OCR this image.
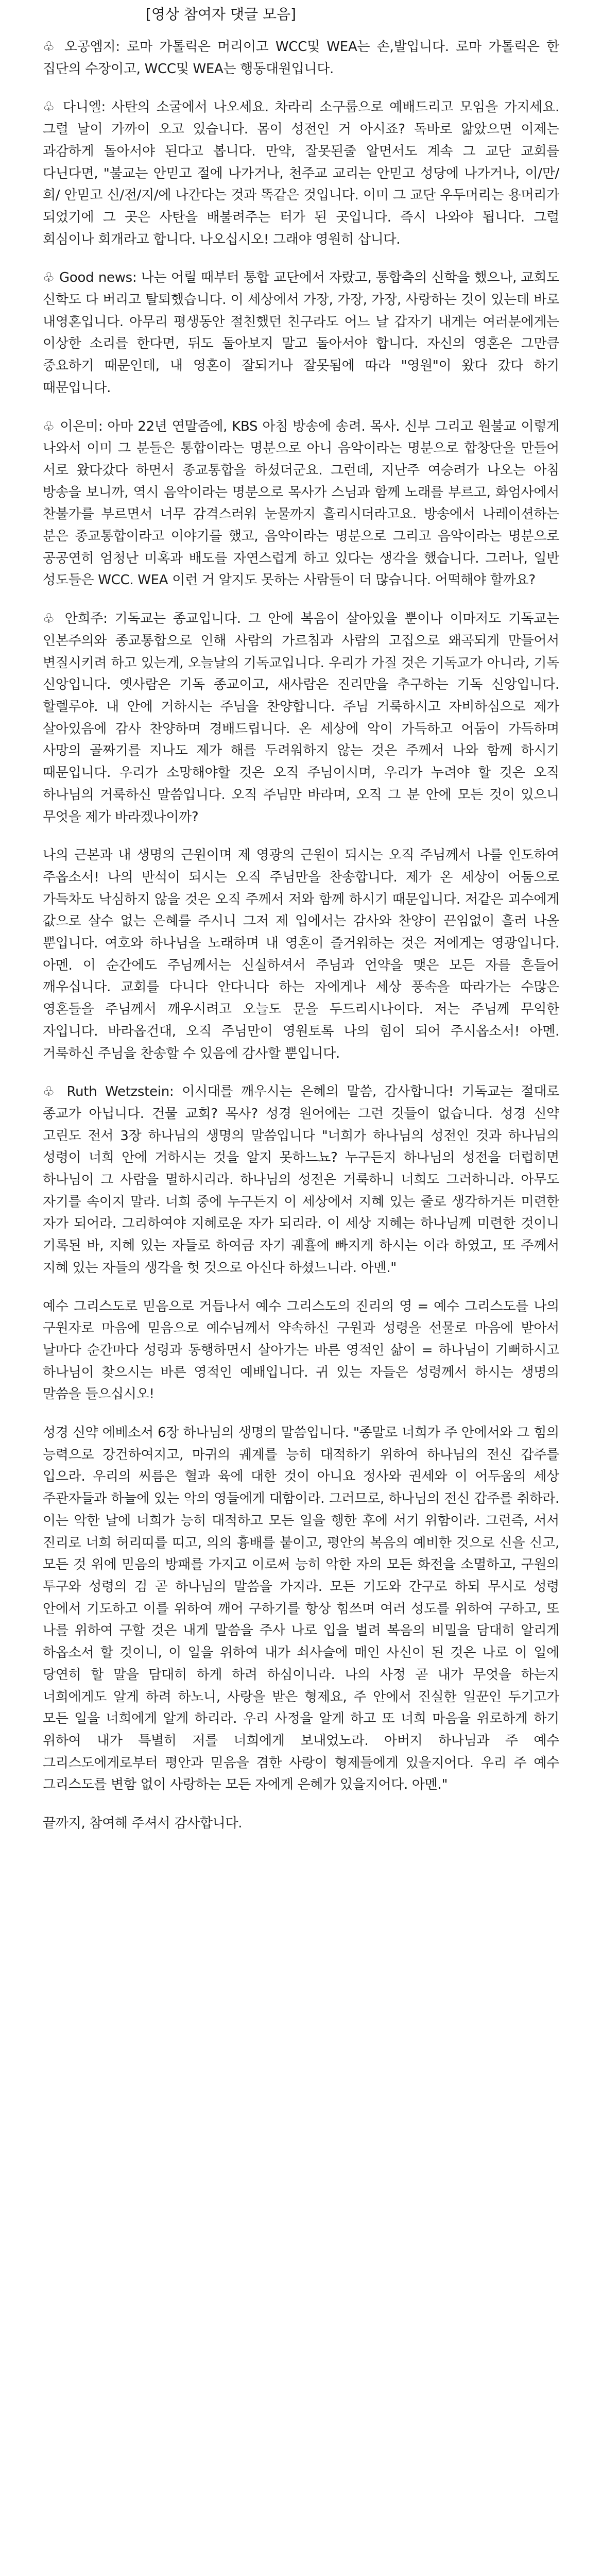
[영상 참여자 댓글 모음]

♧ 오공엠지: 로마 가톨릭은 머리이고 WCC및 WEA는 손,발입니다. 로마 가톨릭은 한 집단의 수장이고, WCC및 WEA는 행동대원입니다.

♧ 다니엘: 사탄의 소굴에서 나오세요. 차라리 소구룹으로 예배드리고 모임을 가지세요. 그럴 날이 가까이 오고 있습니다. 몸이 성전인 거 아시죠? 독바로 앎았으면 이제는 과감하게 돌아서야 된다고 봅니다. 만약, 잘못된줄 알면서도 계속 그 교단 교회를 다닌다면, "불교는 안믿고 절에 나가거나, 천주교 교리는 안믿고 성당에 나가거나, 이/만/희/ 안믿고 신/전/지/에 나간다는 것과 똑같은 것입니다. 이미 그 교단 우두머리는 용머리가 되었기에 그 곳은 사탄을 배불려주는 터가 된 곳입니다. 즉시 나와야 됩니다. 그럴 회심이나 회개라고 합니다. 나오십시오! 그래야 영원히 삽니다.

♧ Good news: 나는 어릴 때부터 통합 교단에서 자랐고, 통합측의 신학을 했으나, 교회도 신학도 다 버리고 탈퇴했습니다. 이 세상에서 가장, 가장, 가장, 사랑하는 것이 있는데 바로 내영혼입니다. 아무리 평생동안 절친했던 친구라도 어느 날 갑자기 내게는 여러분에게는 이상한 소리를 한다면, 뒤도 돌아보지 말고 돌아서야 합니다. 자신의 영혼은 그만큼 중요하기 때문인데, 내 영혼이 잘되거나 잘못됨에 따라 "영원"이 왔다 갔다 하기 때문입니다.

♧ 이은미: 아마 22년 연말즘에, KBS 아침 방송에 송려. 목사. 신부 그리고 원불교 이렇게 나와서 이미 그 분들은 통합이라는 명분으로 아니 음악이라는 명분으로 합창단을 만들어 서로 왔다갔다 하면서 종교통합을 하셨더군요. 그런데, 지난주 여승려가 나오는 아침 방송을 보니까, 역시 음악이라는 명분으로 목사가 스님과 함께 노래를 부르고, 화엄사에서 찬불가를 부르면서 너무 감격스러워 눈물까지 흘리시더라고요. 방송에서 나레이션하는 분은 종교통합이라고 이야기를 했고, 음악이라는 명분으로 그리고 음악이라는 명분으로 공공연히 엄청난 미혹과 배도를 자연스럽게 하고 있다는 생각을 했습니다. 그러나, 일반 성도들은 WCC. WEA 이런 거 알지도 못하는 사람들이 더 많습니다. 어떡해야 할까요?

♧ 안희주: 기독교는 종교입니다. 그 안에 복음이 살아있을 뿐이나 이마저도 기독교는 인본주의와 종교통합으로 인해 사람의 가르침과 사람의 고집으로 왜곡되게 만들어서 변질시키려 하고 있는게, 오늘날의 기독교입니다. 우리가 가질 것은 기독교가 아니라, 기독 신앙입니다. 옛사람은 기독 종교이고, 새사람은 진리만을 추구하는 기독 신앙입니다. 할렐루야. 내 안에 거하시는 주님을 찬양합니다. 주님 거룩하시고 자비하심으로 제가 살아있음에 감사 찬양하며 경배드립니다. 온 세상에 악이 가득하고 어둠이 가득하며 사망의 골짜기를 지나도 제가 해를 두려워하지 않는 것은 주께서 나와 함께 하시기 때문입니다. 우리가 소망해야할 것은 오직 주님이시며, 우리가 누려야 할 것은 오직 하나님의 거룩하신 말씀입니다. 오직 주님만 바라며, 오직 그 분 안에 모든 것이 있으니 무엇을 제가 바라겠나이까?

나의 근본과 내 생명의 근원이며 제 영광의 근원이 되시는 오직 주님께서 나를 인도하여 주옵소서! 나의 반석이 되시는 오직 주님만을 찬송합니다. 제가 온 세상이 어둠으로 가득차도 낙심하지 않을 것은 오직 주께서 저와 함께 하시기 때문입니다. 저같은 괴수에게 값으로 살수 없는 은혜를 주시니 그저 제 입에서는 감사와 찬양이 끈임없이 흘러 나올 뿐입니다. 여호와 하나님을 노래하며 내 영혼이 즐거워하는 것은 저에게는 영광입니다. 아멘. 이 순간에도 주님께서는 신실하셔서 주님과 언약을 맺은 모든 자를 흔들어 깨우십니다. 교회를 다니다 안다니다 하는 자에게나 세상 풍속을 따라가는 수많은 영혼들을 주님께서 깨우시려고 오늘도 문을 두드리시나이다. 저는 주님께 무익한 자입니다. 바라옵건대, 오직 주님만이 영원토록 나의 힘이 되어 주시옵소서! 아멘. 거룩하신 주님을 찬송할 수 있음에 감사할 뿐입니다.

♧ Ruth Wetzstein: 이시대를 깨우시는 은혜의 말씀, 감사합니다! 기독교는 절대로 종교가 아닙니다. 건물 교회? 목사? 성경 원어에는 그런 것들이 없습니다. 성경 신약 고린도 전서 3장 하나님의 생명의 말씀입니다 "너희가 하나님의 성전인 것과 하나님의 성령이 너희 안에 거하시는 것을 알지 못하느뇨? 누구든지 하나님의 성전을 더럽히면 하나님이 그 사람을 멸하시리라. 하나님의 성전은 거룩하니 너희도 그러하니라. 아무도 자기를 속이지 말라. 너희 중에 누구든지 이 세상에서 지혜 있는 줄로 생각하거든 미련한 자가 되어라. 그리하여야 지혜로운 자가 되리라. 이 세상 지혜는 하나님께 미련한 것이니 기록된 바, 지혜 있는 자들로 하여금 자기 궤휼에 빠지게 하시는 이라 하였고, 또 주께서 지혜 있는 자들의 생각을 헛 것으로 아신다 하셨느니라. 아멘."

예수 그리스도로 믿음으로 거듭나서 예수 그리스도의 진리의 영 = 예수 그리스도를 나의 구원자로 마음에 믿음으로 예수님께서 약속하신 구원과 성령을 선물로 마음에 받아서 날마다 순간마다 성령과 동행하면서 살아가는 바른 영적인 삶이 = 하나님이 기뻐하시고 하나님이 찾으시는 바른 영적인 예배입니다. 귀 있는 자들은 성령께서 하시는 생명의 말씀을 들으십시오!

성경 신약 에베소서 6장 하나님의 생명의 말씀입니다. "종말로 너희가 주 안에서와 그 힘의 능력으로 강건하여지고, 마귀의 궤계를 능히 대적하기 위하여 하나님의 전신 갑주를 입으라. 우리의 씨름은 혈과 육에 대한 것이 아니요 정사와 권세와 이 어두움의 세상 주관자들과 하늘에 있는 악의 영들에게 대함이라. 그러므로, 하나님의 전신 갑주를 취하라. 이는 악한 날에 너희가 능히 대적하고 모든 일을 행한 후에 서기 위함이라. 그런즉, 서서 진리로 너희 허리띠를 띠고, 의의 흉배를 붙이고, 평안의 복음의 예비한 것으로 신을 신고, 모든 것 위에 믿음의 방패를 가지고 이로써 능히 악한 자의 모든 화전을 소멸하고, 구원의 투구와 성령의 검 곧 하나님의 말씀을 가지라. 모든 기도와 간구로 하되 무시로 성령 안에서 기도하고 이를 위하여 깨어 구하기를 항상 힘쓰며 여러 성도를 위하여 구하고, 또 나를 위하여 구할 것은 내게 말씀을 주사 나로 입을 벌려 복음의 비밀을 담대히 알리게 하옵소서 할 것이니, 이 일을 위하여 내가 쇠사슬에 매인 사신이 된 것은 나로 이 일에 당연히 할 말을 담대히 하게 하려 하심이니라. 나의 사정 곧 내가 무엇을 하는지 너희에게도 알게 하려 하노니, 사랑을 받은 형제요, 주 안에서 진실한 일꾼인 두기고가 모든 일을 너희에게 알게 하리라. 우리 사정을 알게 하고 또 너희 마음을 위로하게 하기 위하여 내가 특별히 저를 너희에게 보내었노라. 아버지 하나님과 주 예수 그리스도에게로부터 평안과 믿음을 겸한 사랑이 형제들에게 있을지어다. 우리 주 예수 그리스도를 변함 없이 사랑하는 모든 자에게 은혜가 있을지어다. 아멘."

끝까지, 참여해 주셔서 감사합니다.
